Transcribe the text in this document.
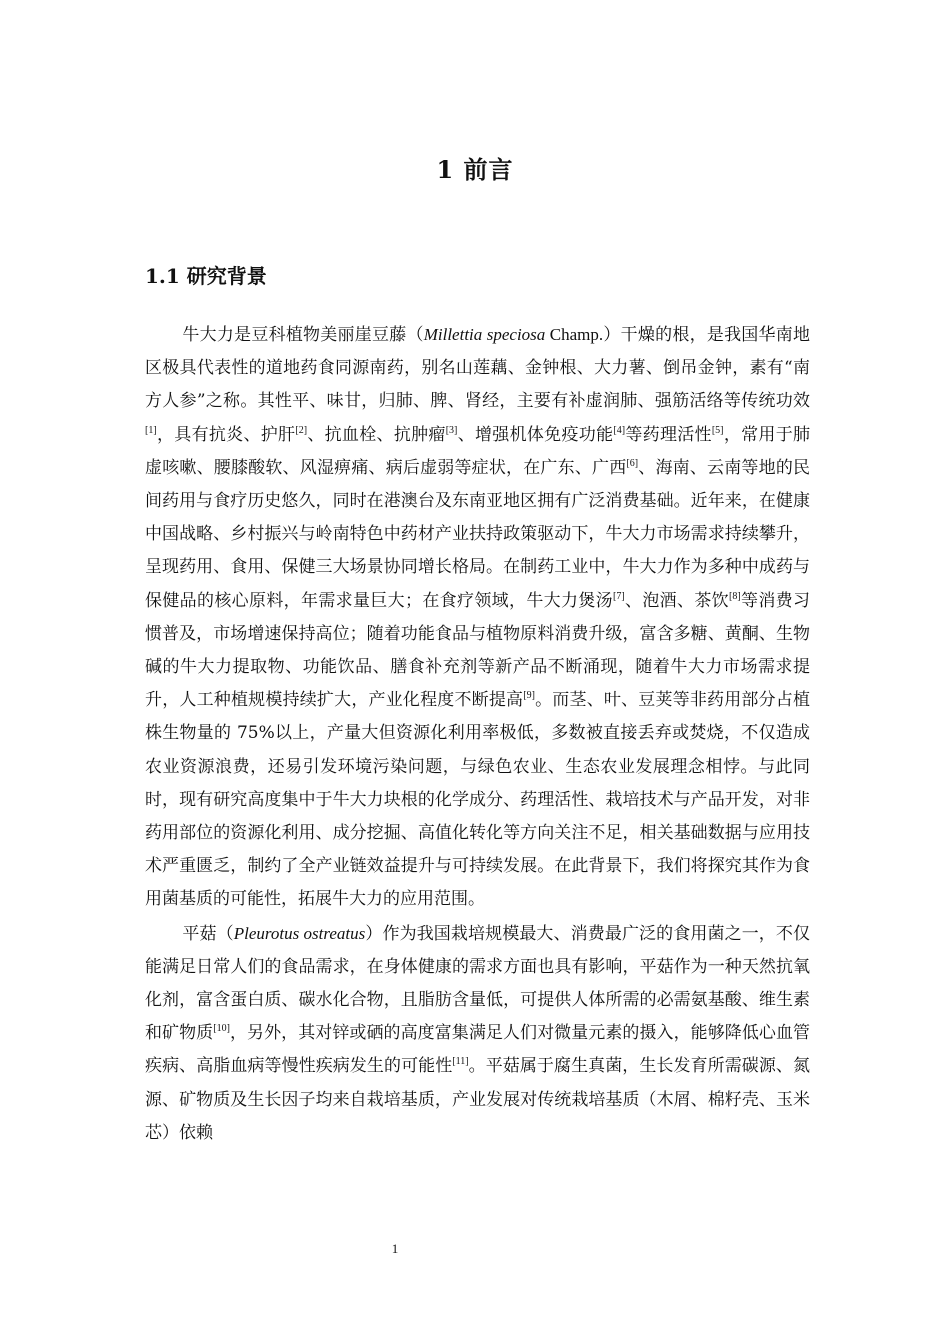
1 前言
1.1 研究背景

牛大力是豆科植物美丽崖豆藤（Millettia speciosa Champ.）干燥的根，是我国华南地区极具代表性的道地药食同源南药，别名山莲藕、金钟根、大力薯、倒吊金钟，素有“南方人参”之称。其性平、味甘，归肺、脾、肾经，主要有补虚润肺、强筋活络等传统功效[1]，具有抗炎、护肝[2]、抗血栓、抗肿瘤[3]、增强机体免疫功能[4]等药理活性[5]，常用于肺虚咳嗽、腰膝酸软、风湿痹痛、病后虚弱等症状，在广东、广西[6]、海南、云南等地的民间药用与食疗历史悠久，同时在港澳台及东南亚地区拥有广泛消费基础。近年来，在健康中国战略、乡村振兴与岭南特色中药材产业扶持政策驱动下，牛大力市场需求持续攀升，呈现药用、食用、保健三大场景协同增长格局。在制药工业中，牛大力作为多种中成药与保健品的核心原料，年需求量巨大；在食疗领域，牛大力煲汤[7]、泡酒、茶饮[8]等消费习惯普及，市场增速保持高位；随着功能食品与植物原料消费升级，富含多糖、黄酮、生物碱的牛大力提取物、功能饮品、膳食补充剂等新产品不断涌现，随着牛大力市场需求提升，人工种植规模持续扩大，产业化程度不断提高[9]。而茎、叶、豆荚等非药用部分占植株生物量的 75%以上，产量大但资源化利用率极低，多数被直接丢弃或焚烧，不仅造成农业资源浪费，还易引发环境污染问题，与绿色农业、生态农业发展理念相悖。与此同时，现有研究高度集中于牛大力块根的化学成分、药理活性、栽培技术与产品开发，对非药用部位的资源化利用、成分挖掘、高值化转化等方向关注不足，相关基础数据与应用技术严重匮乏，制约了全产业链效益提升与可持续发展。在此背景下，我们将探究其作为食用菌基质的可能性，拓展牛大力的应用范围。

平菇（Pleurotus ostreatus）作为我国栽培规模最大、消费最广泛的食用菌之一，不仅能满足日常人们的食品需求，在身体健康的需求方面也具有影响，平菇作为一种天然抗氧化剂，富含蛋白质、碳水化合物，且脂肪含量低，可提供人体所需的必需氨基酸、维生素和矿物质[10]，另外，其对锌或硒的高度富集满足人们对微量元素的摄入，能够降低心血管疾病、高脂血病等慢性疾病发生的可能性[11]。平菇属于腐生真菌，生长发育所需碳源、氮源、矿物质及生长因子均来自栽培基质，产业发展对传统栽培基质（木屑、棉籽壳、玉米芯）依赖

1
